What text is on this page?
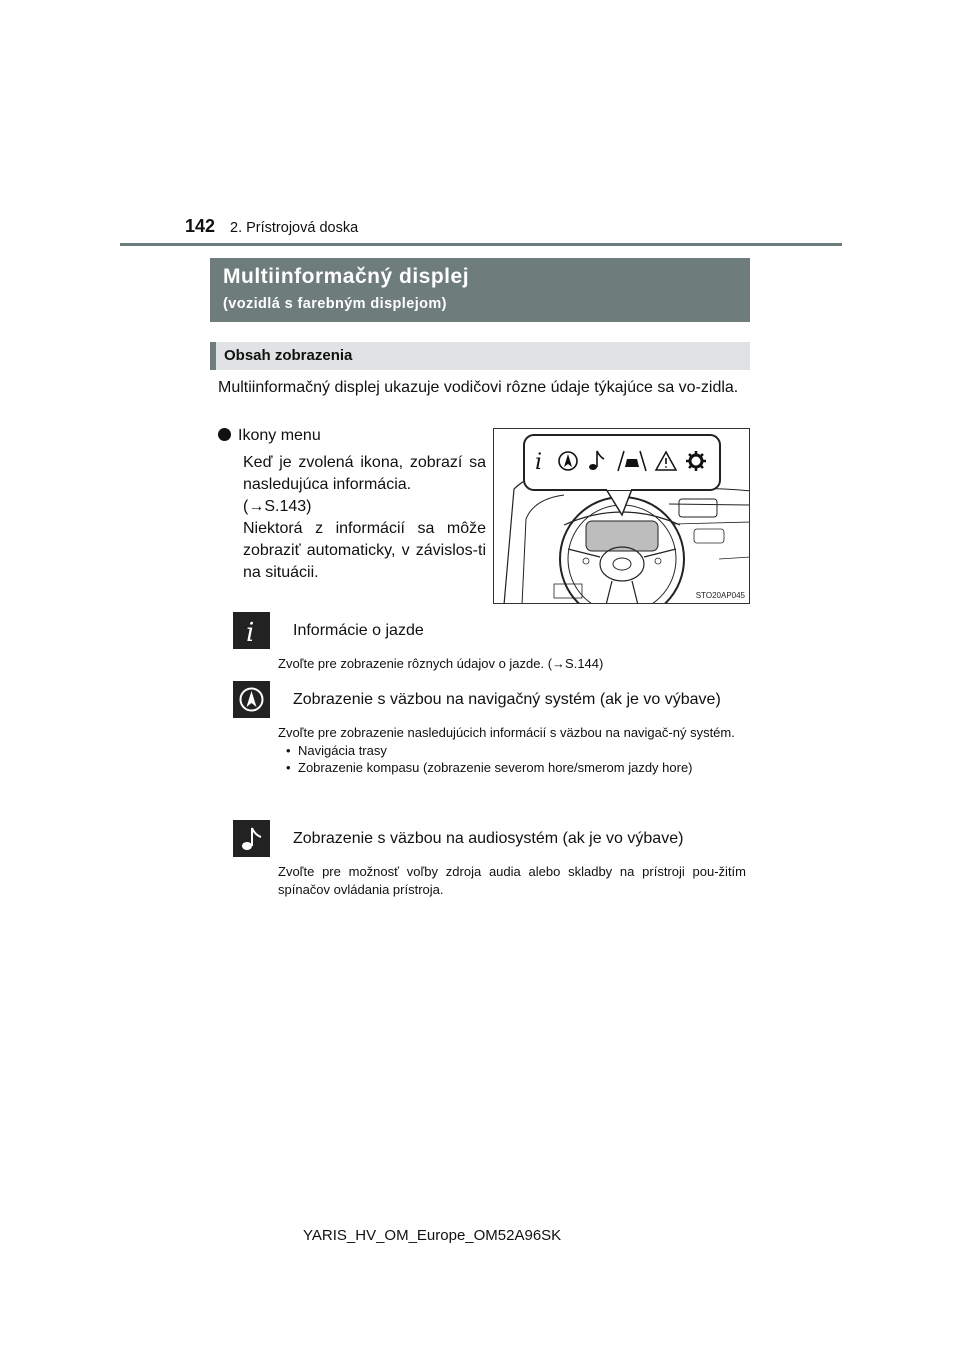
142 2. Prístrojová doska
Multiinformačný displej
(vozidlá s farebným displejom)
Obsah zobrazenia
Multiinformačný displej ukazuje vodičovi rôzne údaje týkajúce sa vo-zidla.
Ikony menu

Keď je zvolená ikona, zobrazí sa nasledujúca informácia.

(→S.143)

Niektorá z informácií sa môže zobraziť automaticky, v závislos-ti na situácii.

i
STO20AP045
i Informácie o jazde
Zvoľte pre zobrazenie rôznych údajov o jazde. (→S.144)
Zobrazenie s väzbou na navigačný systém (ak je vo výbave)

Zvoľte pre zobrazenie nasledujúcich informácií s väzbou na navigač-ný systém.

• Navigácia trasy
• Zobrazenie kompasu (zobrazenie severom hore/smerom jazdy hore)
Zobrazenie s väzbou na audiosystém (ak je vo výbave)
Zvoľte pre možnosť voľby zdroja audia alebo skladby na prístroji pou-žitím spínačov ovládania prístroja.
YARIS_HV_OM_Europe_OM52A96SK
